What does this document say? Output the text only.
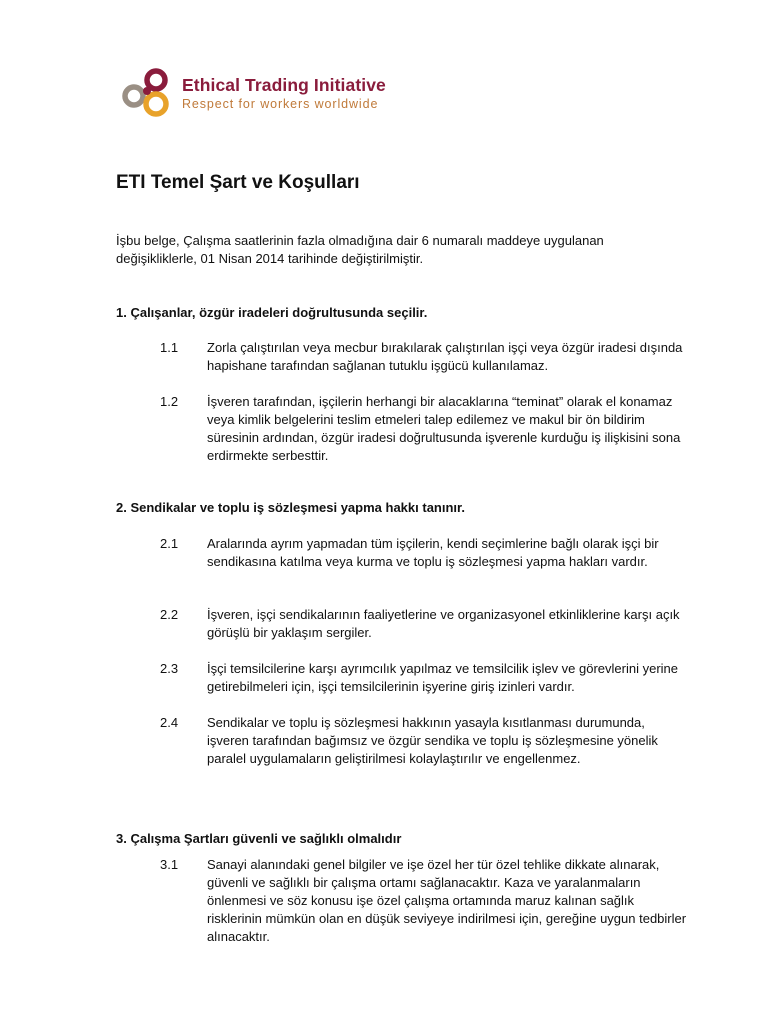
Ethical Trading Initiative
Respect for workers worldwide
ETI Temel Şart ve Koşulları

İşbu belge, Çalışma saatlerinin fazla olmadığına dair 6 numaralı maddeye uygulanan değişikliklerle, 01 Nisan 2014 tarihinde değiştirilmiştir.

1. Çalışanlar, özgür iradeleri doğrultusunda seçilir.

1.1	Zorla çalıştırılan veya mecbur bırakılarak çalıştırılan işçi veya özgür iradesi dışında hapishane tarafından sağlanan tutuklu işgücü kullanılamaz.
1.2	İşveren tarafından, işçilerin herhangi bir alacaklarına “teminat” olarak el konamaz veya kimlik belgelerini teslim etmeleri talep edilemez ve makul bir ön bildirim süresinin ardından, özgür iradesi doğrultusunda işverenle kurduğu iş ilişkisini sona erdirmekte serbesttir.

2. Sendikalar ve toplu iş sözleşmesi yapma hakkı tanınır.

2.1	Aralarında ayrım yapmadan tüm işçilerin, kendi seçimlerine bağlı olarak işçi bir sendikasına katılma veya kurma ve toplu iş sözleşmesi yapma hakları vardır.
2.2	İşveren, işçi sendikalarının faaliyetlerine ve organizasyonel etkinliklerine karşı açık görüşlü bir yaklaşım sergiler.
2.3	İşçi temsilcilerine karşı ayrımcılık yapılmaz ve temsilcilik işlev ve görevlerini yerine getirebilmeleri için, işçi temsilcilerinin işyerine giriş izinleri vardır.
2.4	Sendikalar ve toplu iş sözleşmesi hakkının yasayla kısıtlanması durumunda, işveren tarafından bağımsız ve özgür sendika ve toplu iş sözleşmesine yönelik paralel uygulamaların geliştirilmesi kolaylaştırılır ve engellenmez.

3. Çalışma Şartları güvenli ve sağlıklı olmalıdır

3.1	Sanayi alanındaki genel bilgiler ve işe özel her tür özel tehlike dikkate alınarak, güvenli ve sağlıklı bir çalışma ortamı sağlanacaktır. Kaza ve yaralanmaların önlenmesi ve söz konusu işe özel çalışma ortamında maruz kalınan sağlık risklerinin mümkün olan en düşük seviyeye indirilmesi için, gereğine uygun tedbirler alınacaktır.
